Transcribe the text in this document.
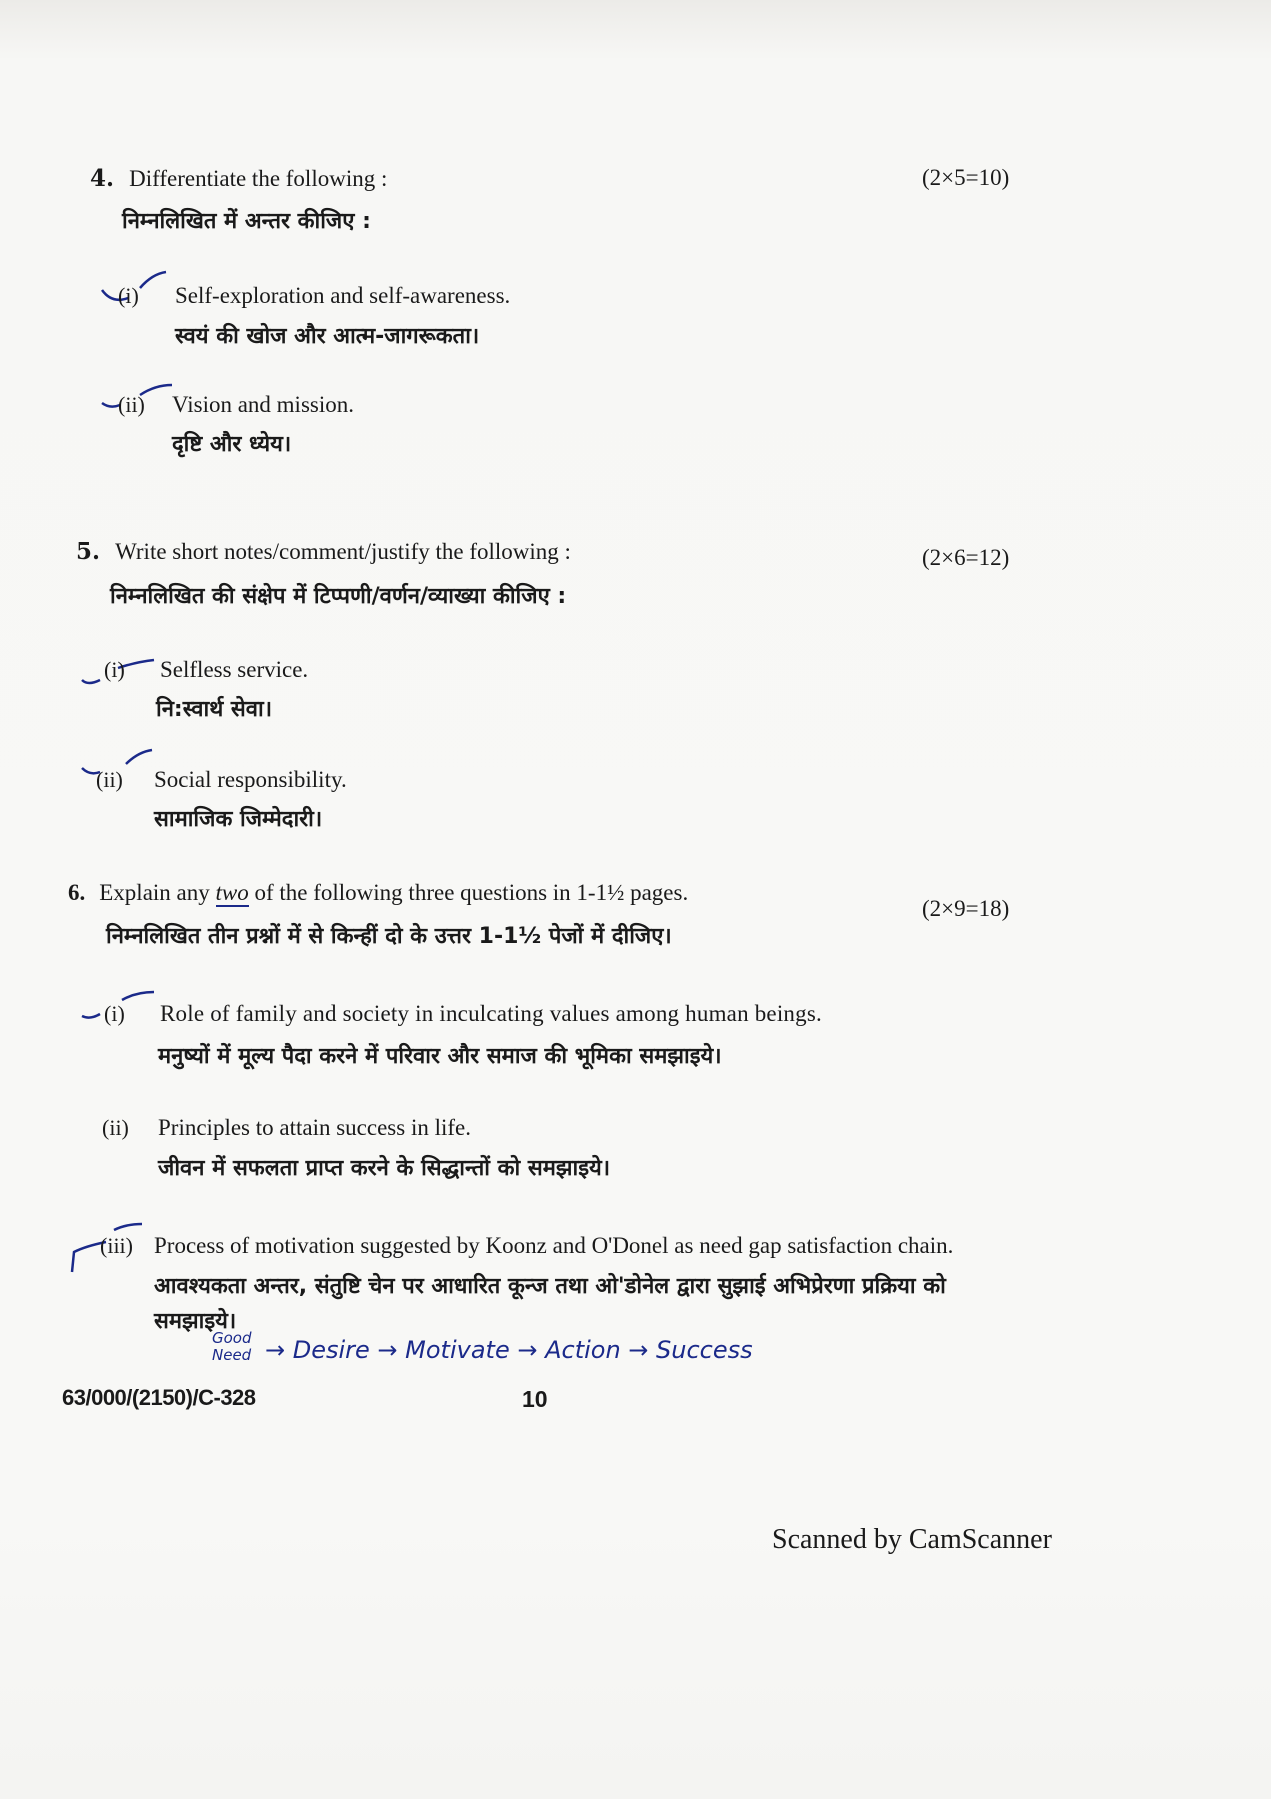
4. Differentiate the following :	(2×5=10)
निम्नलिखित में अन्तर कीजिए :
(i) Self-exploration and self-awareness.
स्वयं की खोज और आत्म-जागरूकता।
(ii) Vision and mission.
दृष्टि और ध्येय।
5. Write short notes/comment/justify the following :	(2×6=12)
निम्नलिखित की संक्षेप में टिप्पणी/वर्णन/व्याख्या कीजिए :
(i) Selfless service.
नि:स्वार्थ सेवा।
(ii) Social responsibility.
सामाजिक जिम्मेदारी।
6. Explain any two of the following three questions in 1-1½ pages.
(2×9=18)
निम्नलिखित तीन प्रश्नों में से किन्हीं दो के उत्तर 1-1½ पेजों में दीजिए।
(i) Role of family and society in inculcating values among human beings.
मनुष्यों में मूल्य पैदा करने में परिवार और समाज की भूमिका समझाइये।
(ii) Principles to attain success in life.
जीवन में सफलता प्राप्त करने के सिद्धान्तों को समझाइये।
(iii) Process of motivation suggested by Koonz and O'Donel as need gap satisfaction chain.
आवश्यकता अन्तर, संतुष्टि चेन पर आधारित कून्ज तथा ओ'डोनेल द्वारा सुझाई अभिप्रेरणा प्रक्रिया को
समझाइये।
Good
Need → Desire → Motivate → Action → Success
63/000/(2150)/C-328	10
Scanned by CamScanner
